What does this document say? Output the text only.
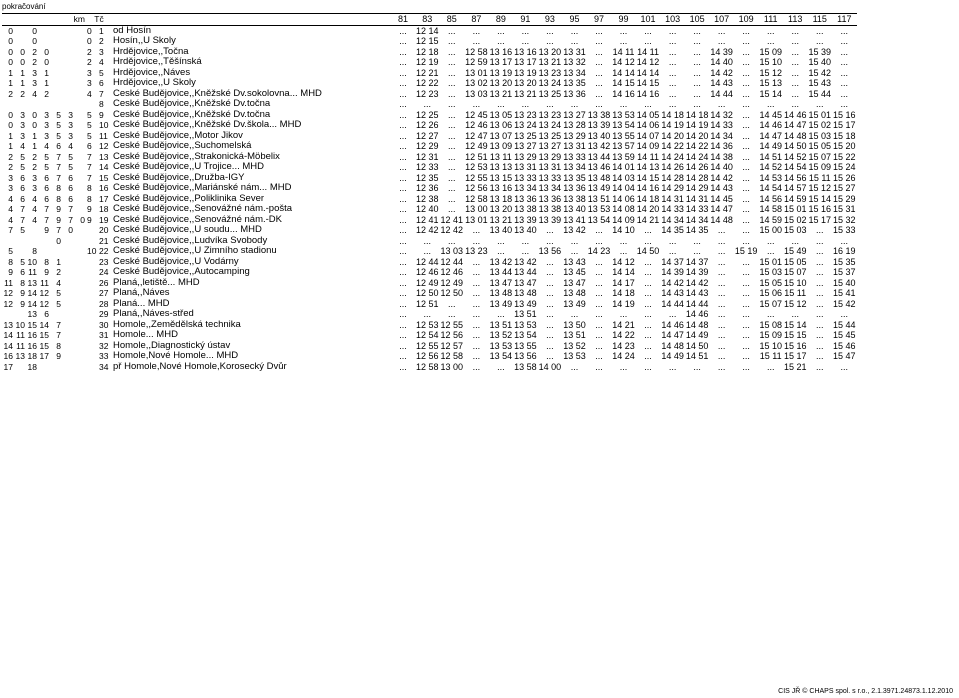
pokračování
km							Tč				81	83	85	87	89	91	93	95	97	99	101	103	105	107	109	111	113	115	117
0		0					0	1	od Hosín		...	12 14	...	...	...	...	...	...	...	...	...	...	...	...	...	...	...	...	...
0		0					0	2	Hosín,,U Školy		...	12 15	...	...	...	...	...	...	...	...	...	...	...	...	...	...	...	...	...
0	0	2	0				2	3	Hrdějovice,,Točna		...	12 18	...	12 58	13 16	13 16	13 20	13 31	...	14 11	14 11	...	...	14 39	...	15 09	...	15 39	...
0	0	2	0				2	4	Hrdějovice,,Těšínská		...	12 19	...	12 59	13 17	13 17	13 21	13 32	...	14 12	14 12	...	...	14 40	...	15 10	...	15 40	...
1	1	3	1				3	5	Hrdějovice,,Náves		...	12 21	...	13 01	13 19	13 19	13 23	13 34	...	14 14	14 14	...	...	14 42	...	15 12	...	15 42	...
1	1	3	1				3	6	Hrdějovice,,U Školy		...	12 22	...	13 02	13 20	13 20	13 24	13 35	...	14 15	14 15	...	...	14 43	...	15 13	...	15 43	...
2	2	4	2				4	7	České Budějovice,,Kněžské Dv.sokolovna... MHD		...	12 23	...	13 03	13 21	13 21	13 25	13 36	...	14 16	14 16	...	...	14 44	...	15 14	...	15 44	...
								8	České Budějovice,,Kněžské Dv.točna		...	...	...	...	...	...	...	...	...	...	...	...	...	...	...	...	...	...	...
0	3	0	3	5	3		5	9	České Budějovice,,Kněžské Dv.točna		...	12 25	...	12 45	13 05	13 23	13 23	13 27	13 38	13 53	14 05	14 18	14 18	14 32	...	14 45	14 46	15 01	15 16
0	3	0	3	5	3		5	10	České Budějovice,,Kněžské Dv.škola... MHD		...	12 26	...	12 46	13 06	13 24	13 24	13 28	13 39	13 54	14 06	14 19	14 19	14 33	...	14 46	14 47	15 02	15 17
1	3	1	3	5	3		5	11	České Budějovice,,Motor Jikov		...	12 27	...	12 47	13 07	13 25	13 25	13 29	13 40	13 55	14 07	14 20	14 20	14 34	...	14 47	14 48	15 03	15 18
1	4	1	4	6	4		6	12	České Budějovice,,Suchomelská		...	12 29	...	12 49	13 09	13 27	13 27	13 31	13 42	13 57	14 09	14 22	14 22	14 36	...	14 49	14 50	15 05	15 20
2	5	2	5	7	5		7	13	České Budějovice,,Strakonická-Möbelix		...	12 31	...	12 51	13 11	13 29	13 29	13 33	13 44	13 59	14 11	14 24	14 24	14 38	...	14 51	14 52	15 07	15 22
2	5	2	5	7	5		7	14	České Budějovice,,U Trojice... MHD		...	12 33	...	12 53	13 13	13 31	13 31	13 34	13 46	14 01	14 13	14 26	14 26	14 40	...	14 52	14 54	15 09	15 24
3	6	3	6	7	6		7	15	České Budějovice,,Družba-IGY		...	12 35	...	12 55	13 15	13 33	13 33	13 35	13 48	14 03	14 15	14 28	14 28	14 42	...	14 53	14 56	15 11	15 26
3	6	3	6	8	6		8	16	České Budějovice,,Mariánské nám... MHD		...	12 36	...	12 56	13 16	13 34	13 34	13 36	13 49	14 04	14 16	14 29	14 29	14 43	...	14 54	14 57	15 12	15 27
4	6	4	6	8	6		8	17	České Budějovice,,Poliklinika Sever		...	12 38	...	12 58	13 18	13 36	13 36	13 38	13 51	14 06	14 18	14 31	14 31	14 45	...	14 56	14 59	15 14	15 29
4	7	4	7	9	7		9	18	České Budějovice,,Senovážné nám.-pošta		...	12 40	...	13 00	13 20	13 38	13 38	13 40	13 53	14 08	14 20	14 33	14 33	14 47	...	14 58	15 01	15 16	15 31
4	7	4	7	9	7	0	9	19	České Budějovice,,Senovážné nám.-DK		...	12 41	12 41	13 01	13 21	13 39	13 39	13 41	13 54	14 09	14 21	14 34	14 34	14 48	...	14 59	15 02	15 17	15 32
7	5		9	7	0			20	České Budějovice,,U soudu... MHD		...	12 42	12 42	...	13 40	13 40	...	13 42	...	14 10	...	14 35	14 35	...	...	15 00	15 03	...	15 33
				0				21	České Budějovice,,Ludvíka Svobody		...	...	...	...	...	...	...	...	...	...	...	...	...	...	...	...	...	...	...
5		8					10	22	České Budějovice,,U Zimního stadionu		...	...	13 03	13 23	...	...	13 56	...	14 23	...	14 50	...	...	...	15 19	...	15 49	...	16 19
8	5	10	8	1				23	České Budějovice,,U Vodárny		...	12 44	12 44	...	13 42	13 42	...	13 43	...	14 12	...	14 37	14 37	...	...	15 01	15 05	...	15 35
9	6	11	9	2				24	České Budějovice,,Autocamping		...	12 46	12 46	...	13 44	13 44	...	13 45	...	14 14	...	14 39	14 39	...	...	15 03	15 07	...	15 37
11	8	13	11	4				26	Planá,,letiště... MHD		...	12 49	12 49	...	13 47	13 47	...	13 47	...	14 17	...	14 42	14 42	...	...	15 05	15 10	...	15 40
12	9	14	12	5				27	Planá,,Náves		...	12 50	12 50	...	13 48	13 48	...	13 48	...	14 18	...	14 43	14 43	...	...	15 06	15 11	...	15 41
12	9	14	12	5				28	Planá... MHD		...	12 51	...	...	13 49	13 49	...	13 49	...	14 19	...	14 44	14 44	...	...	15 07	15 12	...	15 42
		13	6					29	Planá,,Náves-střed		...	...	...	...	...	13 51	...	...	...	...	...	...	14 46	...	...	...	...	...	...
13	10	15	14	7				30	Homole,,Zemědělská technika		...	12 53	12 55	...	13 51	13 53	...	13 50	...	14 21	...	14 46	14 48	...	...	15 08	15 14	...	15 44
14	11	16	15	7				31	Homole... MHD		...	12 54	12 56	...	13 52	13 54	...	13 51	...	14 22	...	14 47	14 49	...	...	15 09	15 15	...	15 45
14	11	16	15	8				32	Homole,,Diagnostický ústav		...	12 55	12 57	...	13 53	13 55	...	13 52	...	14 23	...	14 48	14 50	...	...	15 10	15 16	...	15 46
16	13	18	17	9				33	Homole,Nové Homole... MHD		...	12 56	12 58	...	13 54	13 56	...	13 53	...	14 24	...	14 49	14 51	...	...	15 11	15 17	...	15 47
17		18						34	př Homole,Nové Homole,Korosecký Dvůr		...	12 58	13 00	...	...	13 58	14 00	...	...	...	...	...	...	...	...	...	15 21	...	...
CIS JŘ © CHAPS spol. s r.o., 2.1.3971.24873.1.12.2010
